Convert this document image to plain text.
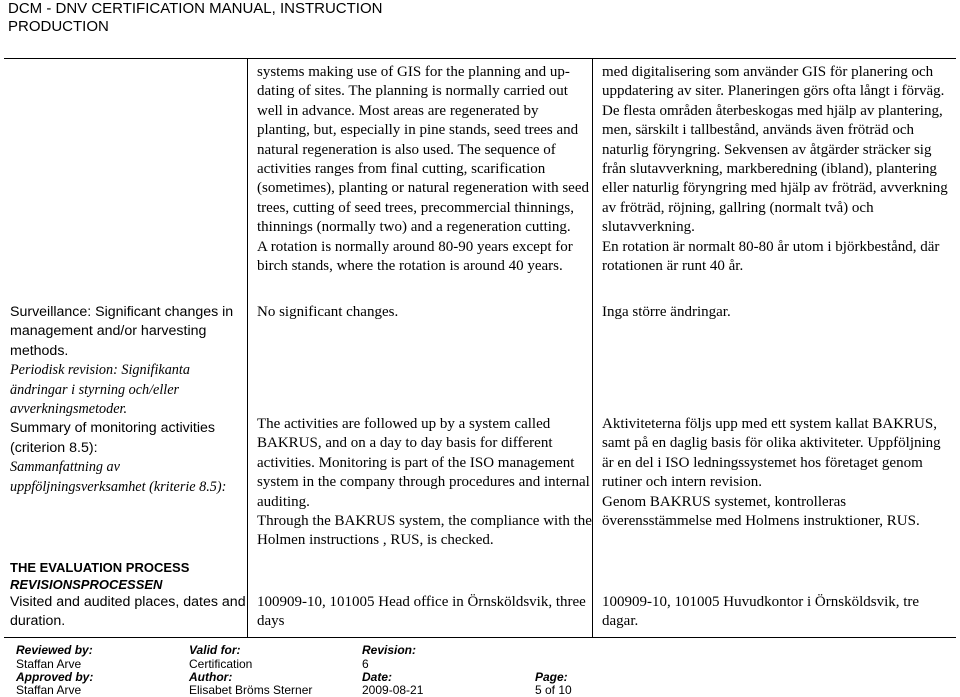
DCM - DNV CERTIFICATION MANUAL, INSTRUCTION
PRODUCTION
systems making use of GIS for the planning and up-dating of sites. The planning is normally carried out well in advance. Most areas are regenerated by planting, but, especially in pine stands, seed trees and natural regeneration is also used. The sequence of activities ranges from final cutting, scarification (sometimes), planting or natural regeneration with seed trees, cutting of seed trees, precommercial thinnings, thinnings (normally two) and a regeneration cutting.
A rotation is normally around 80-90 years except for birch stands, where the rotation is around 40 years.
med digitalisering som använder GIS för planering och uppdatering av siter. Planeringen görs ofta långt i förväg. De flesta områden återbeskogas med hjälp av plantering, men, särskilt i tallbestånd, används även fröträd och naturlig föryngring. Sekvensen av åtgärder sträcker sig från slutavverkning, markberedning (ibland), plantering eller naturlig föryngring med hjälp av fröträd, avverkning av fröträd, röjning, gallring (normalt två) och slutavverkning.
En rotation är normalt 80-80 år utom i björkbestånd, där rotationen är runt 40 år.
Surveillance: Significant changes in management and/or harvesting methods.
Periodisk revision: Signifikanta ändringar i styrning och/eller avverkningsmetoder.
Summary of monitoring activities (criterion 8.5):
Sammanfattning av uppföljningsverksamhet (kriterie 8.5):
No significant changes.	Inga större ändringar.
The activities are followed up by a system called BAKRUS, and on a day to day basis for different activities. Monitoring is part of the ISO management system in the company through procedures and internal auditing.
Through the BAKRUS system, the compliance with the Holmen instructions , RUS, is checked.
Aktiviteterna följs upp med ett system kallat BAKRUS, samt på en daglig basis för olika aktiviteter. Uppföljning är en del i ISO ledningssystemet hos företaget genom rutiner och intern revision.
Genom BAKRUS systemet, kontrolleras överensstämmelse med Holmens instruktioner, RUS.
THE EVALUATION PROCESS
REVISIONSPROCESSEN
Visited and audited places, dates and duration.
100909-10, 101005 Head office in Örnsköldsvik, three days
100909-10, 101005 Huvudkontor i Örnsköldsvik, tre dagar.
Reviewed by:
Staffan Arve
Approved by:
Staffan Arve
Valid for:
Certification
Author:
Elisabet Bröms Sterner
Revision:
6
Date:
2009-08-21
Page:
5 of 10
